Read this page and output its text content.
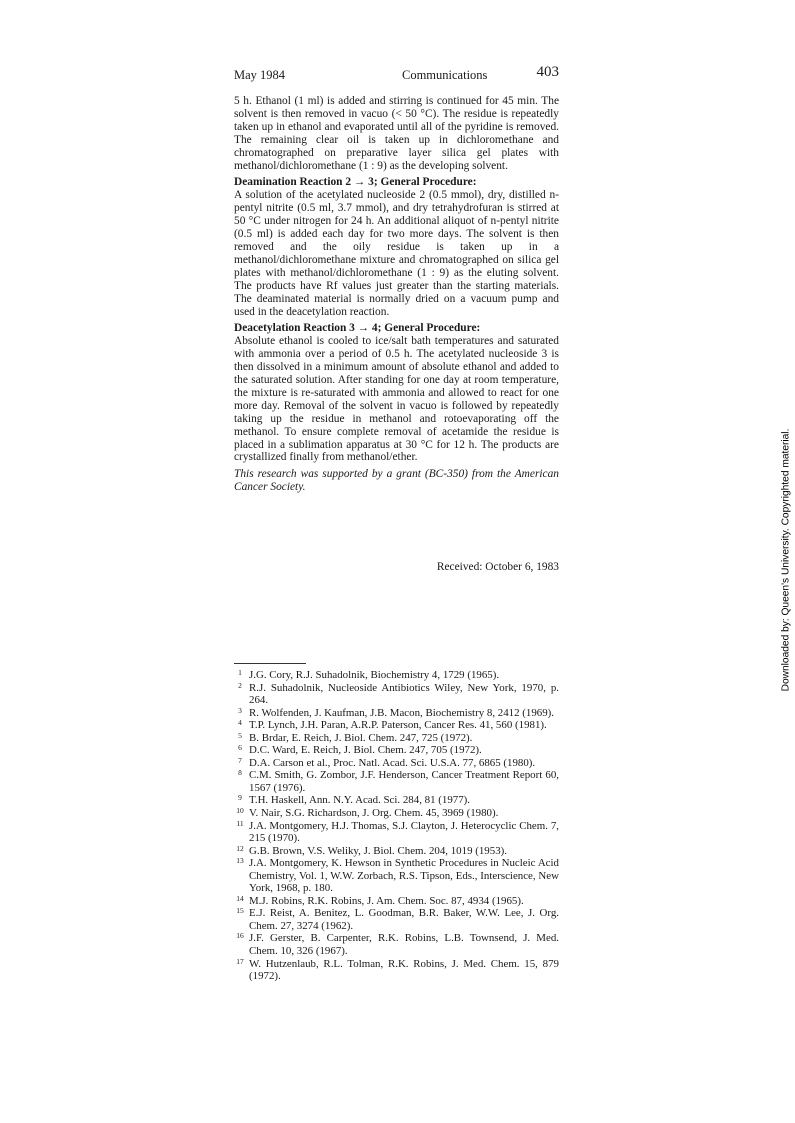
May 1984	Communications	403

5 h. Ethanol (1 ml) is added and stirring is continued for 45 min. The solvent is then removed in vacuo (< 50 °C). The residue is repeatedly taken up in ethanol and evaporated until all of the pyridine is removed. The remaining clear oil is taken up in dichloromethane and chromatographed on preparative layer silica gel plates with methanol/dichloromethane (1 : 9) as the developing solvent.

Deamination Reaction 2 → 3; General Procedure:

A solution of the acetylated nucleoside 2 (0.5 mmol), dry, distilled n-pentyl nitrite (0.5 ml, 3.7 mmol), and dry tetrahydrofuran is stirred at 50 °C under nitrogen for 24 h. An additional aliquot of n-pentyl nitrite (0.5 ml) is added each day for two more days. The solvent is then removed and the oily residue is taken up in a methanol/dichloromethane mixture and chromatographed on silica gel plates with methanol/dichloromethane (1 : 9) as the eluting solvent. The products have Rf values just greater than the starting materials. The deaminated material is normally dried on a vacuum pump and used in the deacetylation reaction.

Deacetylation Reaction 3 → 4; General Procedure:

Absolute ethanol is cooled to ice/salt bath temperatures and saturated with ammonia over a period of 0.5 h. The acetylated nucleoside 3 is then dissolved in a minimum amount of absolute ethanol and added to the saturated solution. After standing for one day at room temperature, the mixture is re-saturated with ammonia and allowed to react for one more day. Removal of the solvent in vacuo is followed by repeatedly taking up the residue in methanol and rotoevaporating off the methanol. To ensure complete removal of acetamide the residue is placed in a sublimation apparatus at 30 °C for 12 h. The products are crystallized finally from methanol/ether.

This research was supported by a grant (BC-350) from the American Cancer Society.

Received: October 6, 1983
1 J.G. Cory, R.J. Suhadolnik, Biochemistry 4, 1729 (1965).
2 R.J. Suhadolnik, Nucleoside Antibiotics Wiley, New York, 1970, p. 264.
3 R. Wolfenden, J. Kaufman, J.B. Macon, Biochemistry 8, 2412 (1969).
4 T.P. Lynch, J.H. Paran, A.R.P. Paterson, Cancer Res. 41, 560 (1981).
5 B. Brdar, E. Reich, J. Biol. Chem. 247, 725 (1972).
6 D.C. Ward, E. Reich, J. Biol. Chem. 247, 705 (1972).
7 D.A. Carson et al., Proc. Natl. Acad. Sci. U.S.A. 77, 6865 (1980).
8 C.M. Smith, G. Zombor, J.F. Henderson, Cancer Treatment Report 60, 1567 (1976).
9 T.H. Haskell, Ann. N.Y. Acad. Sci. 284, 81 (1977).
10 V. Nair, S.G. Richardson, J. Org. Chem. 45, 3969 (1980).
11 J.A. Montgomery, H.J. Thomas, S.J. Clayton, J. Heterocyclic Chem. 7, 215 (1970).
12 G.B. Brown, V.S. Weliky, J. Biol. Chem. 204, 1019 (1953).
13 J.A. Montgomery, K. Hewson in Synthetic Procedures in Nucleic Acid Chemistry, Vol. 1, W.W. Zorbach, R.S. Tipson, Eds., Interscience, New York, 1968, p. 180.
14 M.J. Robins, R.K. Robins, J. Am. Chem. Soc. 87, 4934 (1965).
15 E.J. Reist, A. Benitez, L. Goodman, B.R. Baker, W.W. Lee, J. Org. Chem. 27, 3274 (1962).
16 J.F. Gerster, B. Carpenter, R.K. Robins, L.B. Townsend, J. Med. Chem. 10, 326 (1967).
17 W. Hutzenlaub, R.L. Tolman, R.K. Robins, J. Med. Chem. 15, 879 (1972).
Downloaded by: Queen's University. Copyrighted material.
